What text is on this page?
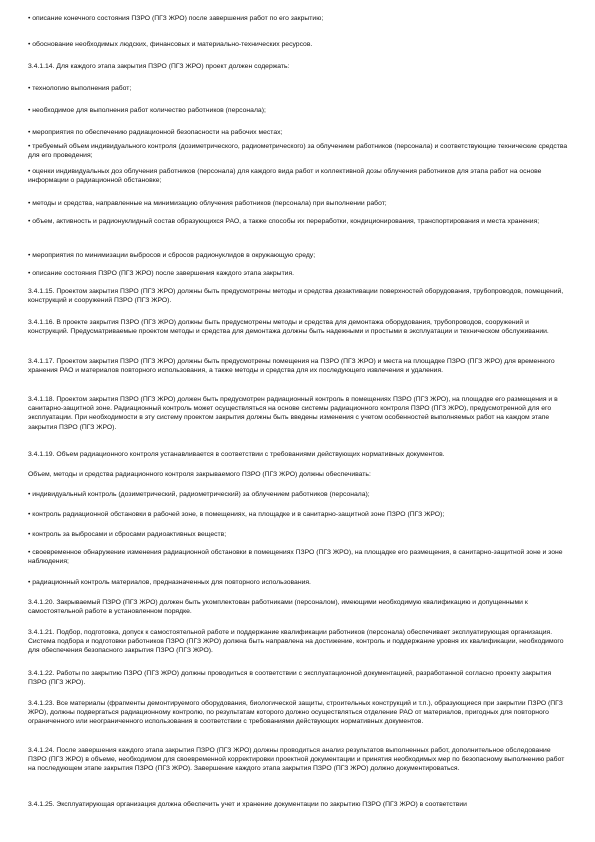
• описание конечного состояния ПЗРО (ПГЗ ЖРО) после завершения работ по его закрытию;

• обоснование необходимых людских, финансовых и материально-технических ресурсов.

3.4.1.14. Для каждого этапа закрытия ПЗРО (ПГЗ ЖРО) проект должен содержать:

• технологию выполнения работ;

• необходимое для выполнения работ количество работников (персонала);

• мероприятия по обеспечению радиационной безопасности на рабочих местах;

• требуемый объем индивидуального контроля (дозиметрического, радиометрического) за облучением работников (персонала) и соответствующие технические средства для его проведения;

• оценки индивидуальных доз облучения работников (персонала) для каждого вида работ и коллективной дозы облучения работников для этапа работ на основе информации о радиационной обстановке;

• методы и средства, направленные на минимизацию облучения работников (персонала) при выполнении работ;

• объем, активность и радионуклидный состав образующихся РАО, а также способы их переработки, кондиционирования, транспортирования и места хранения;

• мероприятия по минимизации выбросов и сбросов радионуклидов в окружающую среду;

• описание состояния ПЗРО (ПГЗ ЖРО) после завершения каждого этапа закрытия.

3.4.1.15. Проектом закрытия ПЗРО (ПГЗ ЖРО) должны быть предусмотрены методы и средства дезактивации поверхностей оборудования, трубопроводов, помещений, конструкций и сооружений ПЗРО (ПГЗ ЖРО).

3.4.1.16. В проекте закрытия ПЗРО (ПГЗ ЖРО) должны быть предусмотрены методы и средства для демонтажа оборудования, трубопроводов, сооружений и конструкций. Предусматриваемые проектом методы и средства для демонтажа должны быть надежными и простыми в эксплуатации и техническом обслуживании.

3.4.1.17. Проектом закрытия ПЗРО (ПГЗ ЖРО) должны быть предусмотрены помещения на ПЗРО (ПГЗ ЖРО) и места на площадке ПЗРО (ПГЗ ЖРО) для временного хранения РАО и материалов повторного использования, а также методы и средства для их последующего извлечения и удаления.

3.4.1.18. Проектом закрытия ПЗРО (ПГЗ ЖРО) должен быть предусмотрен радиационный контроль в помещениях ПЗРО (ПГЗ ЖРО), на площадке его размещения и в санитарно-защитной зоне. Радиационный контроль может осуществляться на основе системы радиационного контроля ПЗРО (ПГЗ ЖРО), предусмотренной для его эксплуатации. При необходимости в эту систему проектом закрытия должны быть введены изменения с учетом особенностей выполняемых работ на каждом этапе закрытия ПЗРО (ПГЗ ЖРО).

3.4.1.19. Объем радиационного контроля устанавливается в соответствии с требованиями действующих нормативных документов.

Объем, методы и средства радиационного контроля закрываемого ПЗРО (ПГЗ ЖРО) должны обеспечивать:

• индивидуальный контроль (дозиметрический, радиометрический) за облучением работников (персонала);

• контроль радиационной обстановки в рабочей зоне, в помещениях, на площадке и в санитарно-защитной зоне ПЗРО (ПГЗ ЖРО);

• контроль за выбросами и сбросами радиоактивных веществ;

• своевременное обнаружение изменения радиационной обстановки в помещениях ПЗРО (ПГЗ ЖРО), на площадке его размещения, в санитарно-защитной зоне и зоне наблюдения;

• радиационный контроль материалов, предназначенных для повторного использования.

3.4.1.20. Закрываемый ПЗРО (ПГЗ ЖРО) должен быть укомплектован работниками (персоналом), имеющими необходимую квалификацию и допущенными к самостоятельной работе в установленном порядке.

3.4.1.21. Подбор, подготовка, допуск к самостоятельной работе и поддержание квалификации работников (персонала) обеспечивает эксплуатирующая организация. Система подбора и подготовки работников ПЗРО (ПГЗ ЖРО) должна быть направлена на достижение, контроль и поддержание уровня их квалификации, необходимого для обеспечения безопасного закрытия ПЗРО (ПГЗ ЖРО).

3.4.1.22. Работы по закрытию ПЗРО (ПГЗ ЖРО) должны проводиться в соответствии с эксплуатационной документацией, разработанной согласно проекту закрытия ПЗРО (ПГЗ ЖРО).

3.4.1.23. Все материалы (фрагменты демонтируемого оборудования, биологической защиты, строительных конструкций и т.п.), образующиеся при закрытии ПЗРО (ПГЗ ЖРО), должны подвергаться радиационному контролю, по результатам которого должно осуществляться отделение РАО от материалов, пригодных для повторного ограниченного или неограниченного использования в соответствии с требованиями действующих нормативных документов.

3.4.1.24. После завершения каждого этапа закрытия ПЗРО (ПГЗ ЖРО) должны проводиться анализ результатов выполненных работ, дополнительное обследование ПЗРО (ПГЗ ЖРО) в объеме, необходимом для своевременной корректировки проектной документации и принятия необходимых мер по безопасному выполнению работ на последующем этапе закрытия ПЗРО (ПГЗ ЖРО). Завершение каждого этапа закрытия ПЗРО (ПГЗ ЖРО) должно документироваться.

3.4.1.25. Эксплуатирующая организация должна обеспечить учет и хранение документации по закрытию ПЗРО (ПГЗ ЖРО) в соответствии
